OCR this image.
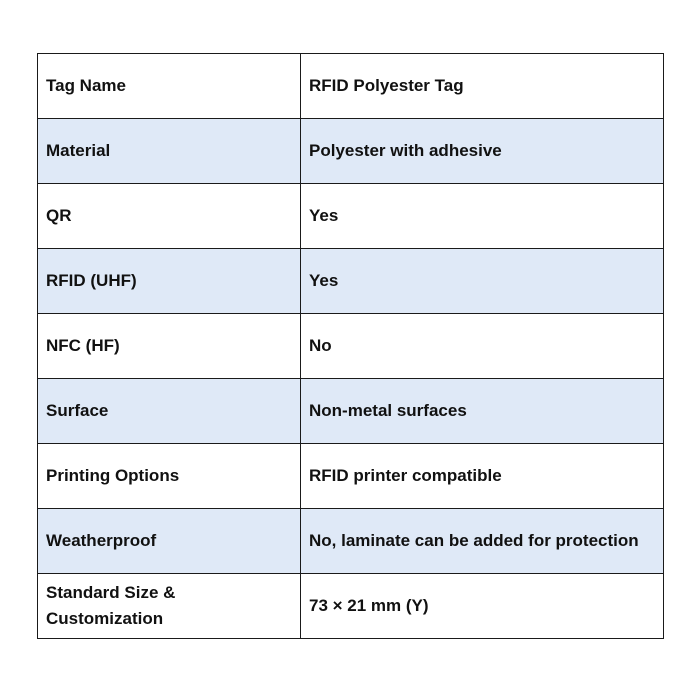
Tag Name	RFID Polyester Tag
Material	Polyester with adhesive
QR	Yes
RFID (UHF)	Yes
NFC (HF)	No
Surface	Non-metal surfaces
Printing Options	RFID printer compatible
Weatherproof	No, laminate can be added for protection
Standard Size & Customization	73 × 21 mm (Y)
